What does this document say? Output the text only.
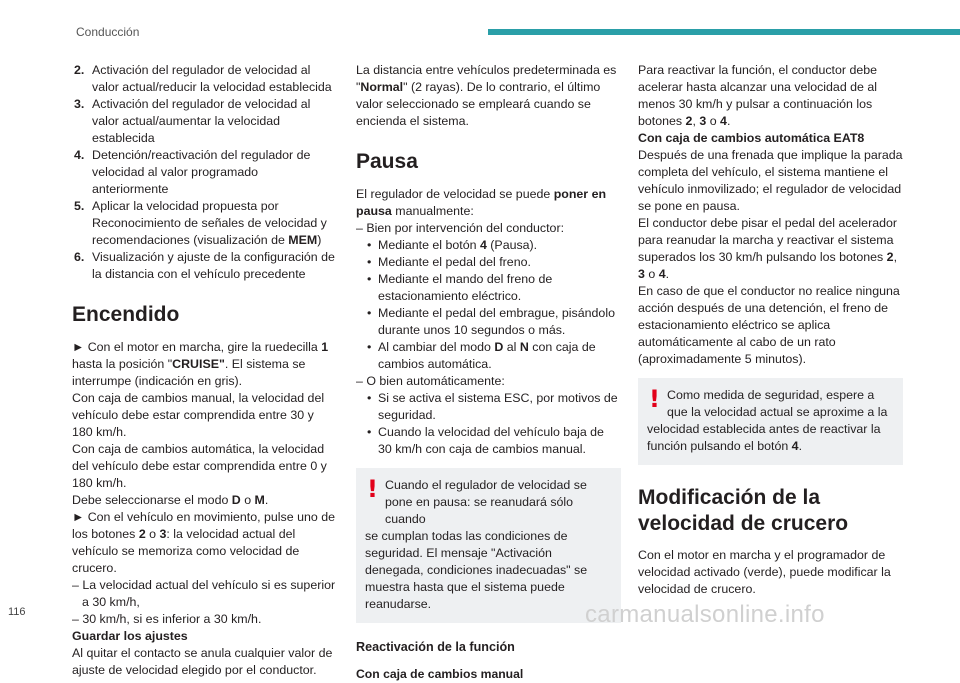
Conducción
2. Activación del regulador de velocidad al valor actual/reducir la velocidad establecida
3. Activación del regulador de velocidad al valor actual/aumentar la velocidad establecida
4. Detención/reactivación del regulador de velocidad al valor programado anteriormente
5. Aplicar la velocidad propuesta por Reconocimiento de señales de velocidad y recomendaciones (visualización de MEM)
6. Visualización y ajuste de la configuración de la distancia con el vehículo precedente
Encendido

► Con el motor en marcha, gire la ruedecilla 1 hasta la posición "CRUISE". El sistema se interrumpe (indicación en gris).

Con caja de cambios manual, la velocidad del vehículo debe estar comprendida entre 30 y 180 km/h.

Con caja de cambios automática, la velocidad del vehículo debe estar comprendida entre 0 y 180 km/h.

Debe seleccionarse el modo D o M.

► Con el vehículo en movimiento, pulse uno de los botones 2 o 3: la velocidad actual del vehículo se memoriza como velocidad de crucero.

– La velocidad actual del vehículo si es superior a 30 km/h,

– 30 km/h, si es inferior a 30 km/h.

Guardar los ajustes

Al quitar el contacto se anula cualquier valor de ajuste de velocidad elegido por el conductor.

La distancia entre vehículos predeterminada es "Normal" (2 rayas). De lo contrario, el último valor seleccionado se empleará cuando se encienda el sistema.

Pausa

El regulador de velocidad se puede poner en pausa manualmente:

– Bien por intervención del conductor:

• Mediante el botón 4 (Pausa).

• Mediante el pedal del freno.

• Mediante el mando del freno de estacionamiento eléctrico.

• Mediante el pedal del embrague, pisándolo durante unos 10 segundos o más.

• Al cambiar del modo D al N con caja de cambios automática.

– O bien automáticamente:

• Si se activa el sistema ESC, por motivos de seguridad.

• Cuando la velocidad del vehículo baja de 30 km/h con caja de cambios manual.

! Cuando el regulador de velocidad se pone en pausa: se reanudará sólo cuando

se cumplan todas las condiciones de seguridad. El mensaje "Activación denegada, condiciones inadecuadas" se muestra hasta que el sistema puede reanudarse.

Reactivación de la función
Con caja de cambios manual

Para reactivar la función, el conductor debe acelerar hasta alcanzar una velocidad de al menos 30 km/h y pulsar a continuación los botones 2, 3 o 4.

Con caja de cambios automática EAT8

Después de una frenada que implique la parada completa del vehículo, el sistema mantiene el vehículo inmovilizado; el regulador de velocidad se pone en pausa.

El conductor debe pisar el pedal del acelerador para reanudar la marcha y reactivar el sistema superados los 30 km/h pulsando los botones 2, 3 o 4.

En caso de que el conductor no realice ninguna acción después de una detención, el freno de estacionamiento eléctrico se aplica automáticamente al cabo de un rato (aproximadamente 5 minutos).

! Como medida de seguridad, espere a que la velocidad actual se aproxime a la

velocidad establecida antes de reactivar la función pulsando el botón 4.

Modificación de la velocidad de crucero

Con el motor en marcha y el programador de velocidad activado (verde), puede modificar la velocidad de crucero.

116	carmanualsonline.info
